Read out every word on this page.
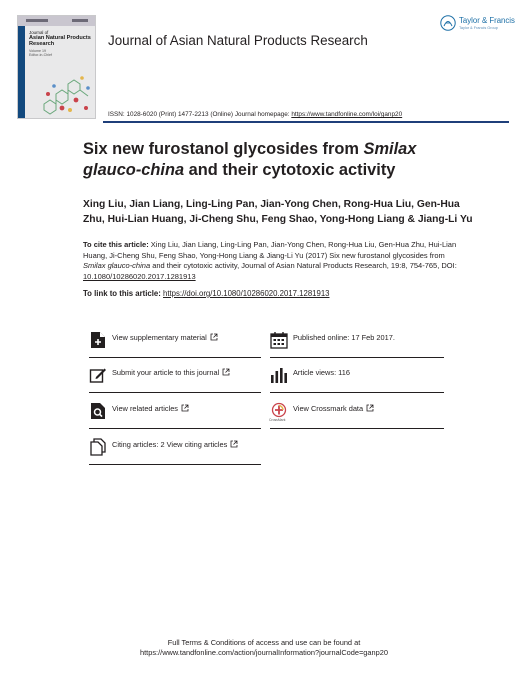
Journal of
Asian Natural Products Research
Volume 19
Editor-in-Chief
Journal of Asian Natural Products Research
Taylor & Francis
Taylor & Francis Group
ISSN: 1028-6020 (Print) 1477-2213 (Online) Journal homepage: https://www.tandfonline.com/loi/ganp20
Six new furostanol glycosides from Smilax glauco-china and their cytotoxic activity
Xing Liu, Jian Liang, Ling-Ling Pan, Jian-Yong Chen, Rong-Hua Liu, Gen-Hua Zhu, Hui-Lian Huang, Ji-Cheng Shu, Feng Shao, Yong-Hong Liang & Jiang-Li Yu
To cite this article: Xing Liu, Jian Liang, Ling-Ling Pan, Jian-Yong Chen, Rong-Hua Liu, Gen-Hua Zhu, Hui-Lian Huang, Ji-Cheng Shu, Feng Shao, Yong-Hong Liang & Jiang-Li Yu (2017) Six new furostanol glycosides from Smilax glauco-china and their cytotoxic activity, Journal of Asian Natural Products Research, 19:8, 754-765, DOI: 10.1080/10286020.2017.1281913
To link to this article: https://doi.org/10.1080/10286020.2017.1281913
View supplementary material
Submit your article to this journal
View related articles
Citing articles: 2 View citing articles
Published online: 17 Feb 2017.
Article views: 116
CrossMark
View Crossmark data
Full Terms & Conditions of access and use can be found at
https://www.tandfonline.com/action/journalInformation?journalCode=ganp20
